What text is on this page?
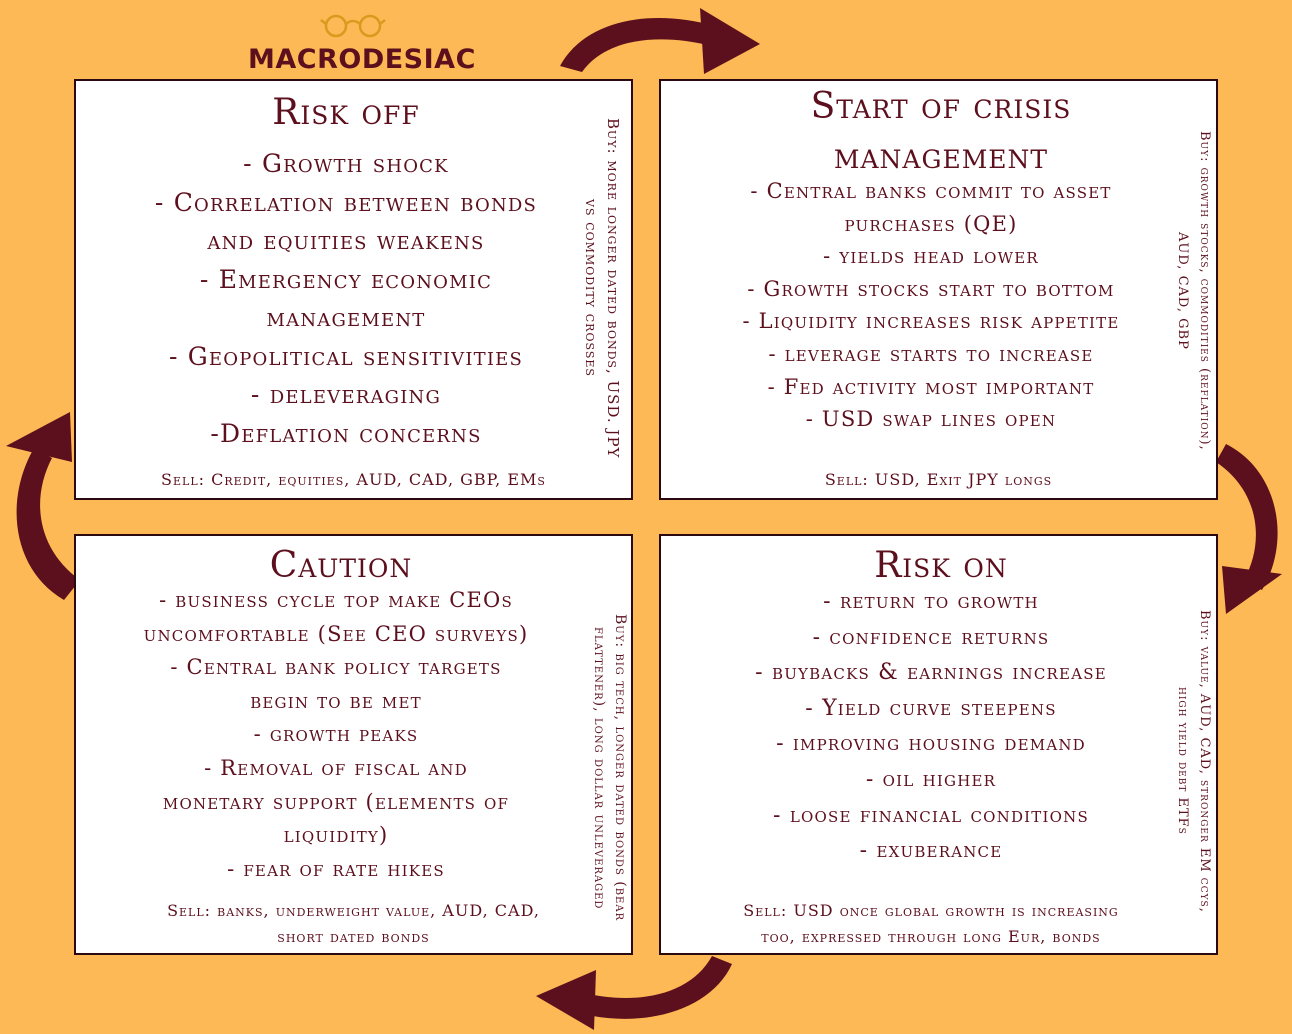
MACRODESIAC
Risk off
- Growth shock
- Correlation between bonds
and equities weakens
- Emergency economic
management
- Geopolitical sensitivities
- deleveraging
-Deflation concerns
Sell: Credit, equities, AUD, CAD, GBP, EMs
Buy: more longer dated bonds, USD. JPY vs commodity crosses
Start of crisis
management
- Central banks commit to asset
purchases (QE)
- yields head lower
- Growth stocks start to bottom
- Liquidity increases risk appetite
- leverage starts to increase
- Fed activity most important
- USD swap lines open
Sell: USD, Exit JPY longs
Buy: growth stocks, commodities (reflation), AUD, CAD, GBP
Caution
- business cycle top make CEOs
uncomfortable (See CEO surveys)
- Central bank policy targets
begin to be met
- growth peaks
- Removal of fiscal and
monetary support (elements of
liquidity)
- fear of rate hikes
Sell: banks, underweight value, AUD, CAD,
short dated bonds
Buy: big tech, longer dated bonds (bear flattener), long dollar unleveraged
Risk on
- return to growth
- confidence returns
- buybacks & earnings increase
- Yield curve steepens
- improving housing demand
- oil higher
- loose financial conditions
- exuberance
Sell: USD once global growth is increasing
too, expressed through long Eur, bonds
Buy: value, AUD, CAD, stronger EM ccys, high yield debt ETFs
